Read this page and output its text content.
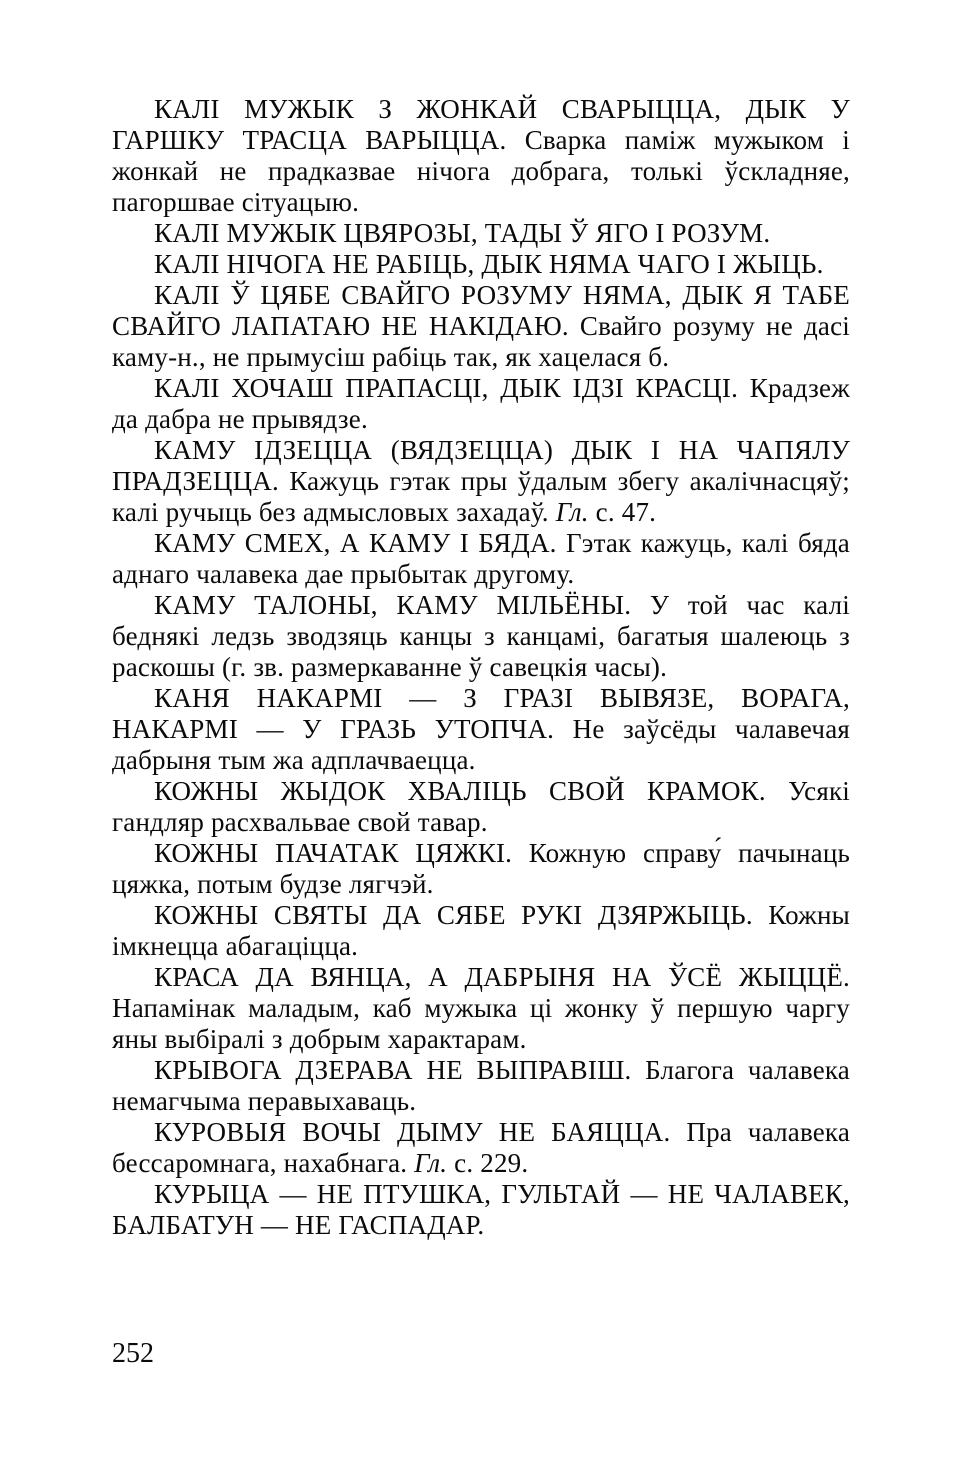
КАЛІ МУЖЫК З ЖОНКАЙ СВАРЫЦЦА, ДЫК У ГАРШКУ ТРАСЦА ВАРЫЦЦА. Сварка паміж мужыком і жонкай не прадказвае нічога добрага, толькі ўскладняе, пагоршвае сітуацыю.

КАЛІ МУЖЫК ЦВЯРОЗЫ, ТАДЫ Ў ЯГО І РОЗУМ.

КАЛІ НІЧОГА НЕ РАБІЦЬ, ДЫК НЯМА ЧАГО І ЖЫЦЬ.

КАЛІ Ў ЦЯБЕ СВАЙГО РОЗУМУ НЯМА, ДЫК Я ТАБЕ СВАЙГО ЛАПАТАЮ НЕ НАКІДАЮ. Свайго розуму не дасі каму-н., не прымусіш рабіць так, як хацелася б.

КАЛІ ХОЧАШ ПРАПАСЦІ, ДЫК ІДЗІ КРАСЦІ. Крадзеж да дабра не прывядзе.

КАМУ ІДЗЕЦЦА (ВЯДЗЕЦЦА) ДЫК І НА ЧАПЯЛУ ПРАДЗЕЦЦА. Кажуць гэтак пры ўдалым збегу акалічнасцяў; калі ручыць без адмысловых захадаў. Гл. с. 47.

КАМУ СМЕХ, А КАМУ І БЯДА. Гэтак кажуць, калі бяда аднаго чалавека дае прыбытак другому.

КАМУ ТАЛОНЫ, КАМУ МІЛЬЁНЫ. У той час калі беднякі ледзь зводзяць канцы з канцамі, багатыя шалеюць з раскошы (г. зв. размеркаванне ў савецкія часы).

КАНЯ НАКАРМІ — З ГРАЗІ ВЫВЯЗЕ, ВОРАГА, НАКАРМІ — У ГРАЗЬ УТОПЧА. Не заўсёды чалавечая дабрыня тым жа адплачваецца.

КОЖНЫ ЖЫДОК ХВАЛІЦЬ СВОЙ КРАМОК. Усякі гандляр расхвальвае свой тавар.

КОЖНЫ ПАЧАТАК ЦЯЖКІ. Кожную справу́ пачынаць цяжка, потым будзе лягчэй.

КОЖНЫ СВЯТЫ ДА СЯБЕ РУКІ ДЗЯРЖЫЦЬ. Кожны імкнецца абагаціцца.

КРАСА ДА ВЯНЦА, А ДАБРЫНЯ НА ЎСЁ ЖЫЦЦЁ. Напамінак маладым, каб мужыка ці жонку ў першую чаргу яны выбіралі з добрым характарам.

КРЫВОГА ДЗЕРАВА НЕ ВЫПРАВІШ. Благога чалавека немагчыма перавыхаваць.

КУРОВЫЯ ВОЧЫ ДЫМУ НЕ БАЯЦЦА. Пра чалавека бессаромнага, нахабнага. Гл. с. 229.

КУРЫЦА — НЕ ПТУШКА, ГУЛЬТАЙ — НЕ ЧАЛАВЕК, БАЛБАТУН — НЕ ГАСПАДАР.

252
